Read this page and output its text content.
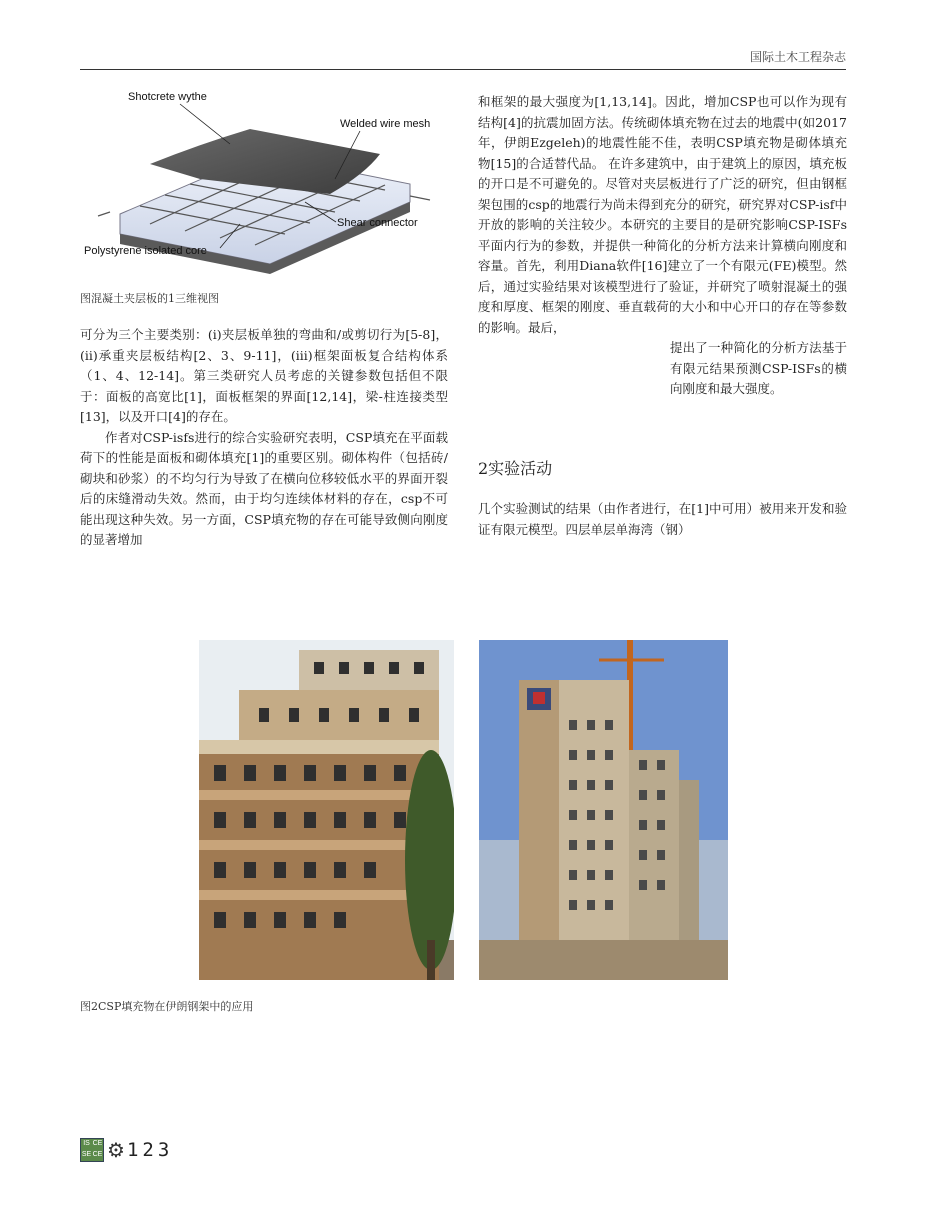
国际土木工程杂志
Shotcrete wythe
Welded wire mesh
Shear connector
Polystyrene isolated core
图混凝土夹层板的1三维视图

可分为三个主要类别：(i)夹层板单独的弯曲和/或剪切行为[5-8]，(ii)承重夹层板结构[2、3、9-11]，(iii)框架面板复合结构体系（1、4、12-14]。第三类研究人员考虑的关键参数包括但不限于：面板的高宽比[1]，面板框架的界面[12,14]，梁-柱连接类型[13]，以及开口[4]的存在。

作者对CSP-isfs进行的综合实验研究表明，CSP填充在平面载荷下的性能是面板和砌体填充[1]的重要区别。砌体构件（包括砖/砌块和砂浆）的不均匀行为导致了在横向位移较低水平的界面开裂后的床缝滑动失效。然而，由于均匀连续体材料的存在，csp不可能出现这种失效。另一方面，CSP填充物的存在可能导致侧向刚度的显著增加

和框架的最大强度为[1,13,14]。因此，增加CSP也可以作为现有结构[4]的抗震加固方法。传统砌体填充物在过去的地震中(如2017年，伊朗Ezgeleh)的地震性能不佳，表明CSP填充物是砌体填充物[15]的合适替代品。 在许多建筑中，由于建筑上的原因，填充板的开口是不可避免的。尽管对夹层板进行了广泛的研究，但由钢框架包围的csp的地震行为尚未得到充分的研究，研究界对CSP-isf中开放的影响的关注较少。本研究的主要目的是研究影响CSP-ISFs平面内行为的参数，并提供一种简化的分析方法来计算横向刚度和容量。首先，利用Diana软件[16]建立了一个有限元(FE)模型。然后，通过实验结果对该模型进行了验证，并研究了喷射混凝土的强度和厚度、框架的刚度、垂直载荷的大小和中心开口的存在等参数的影响。最后，
提出了一种简化的分析方法基于有限元结果预测CSP-ISFs的横向刚度和最大强度。

2实验活动

几个实验测试的结果（由作者进行，在[1]中可用）被用来开发和验证有限元模型。四层单层单海湾（钢）

图2CSP填充物在伊朗钢架中的应用
IS CE
SE CE ⚙ 123
